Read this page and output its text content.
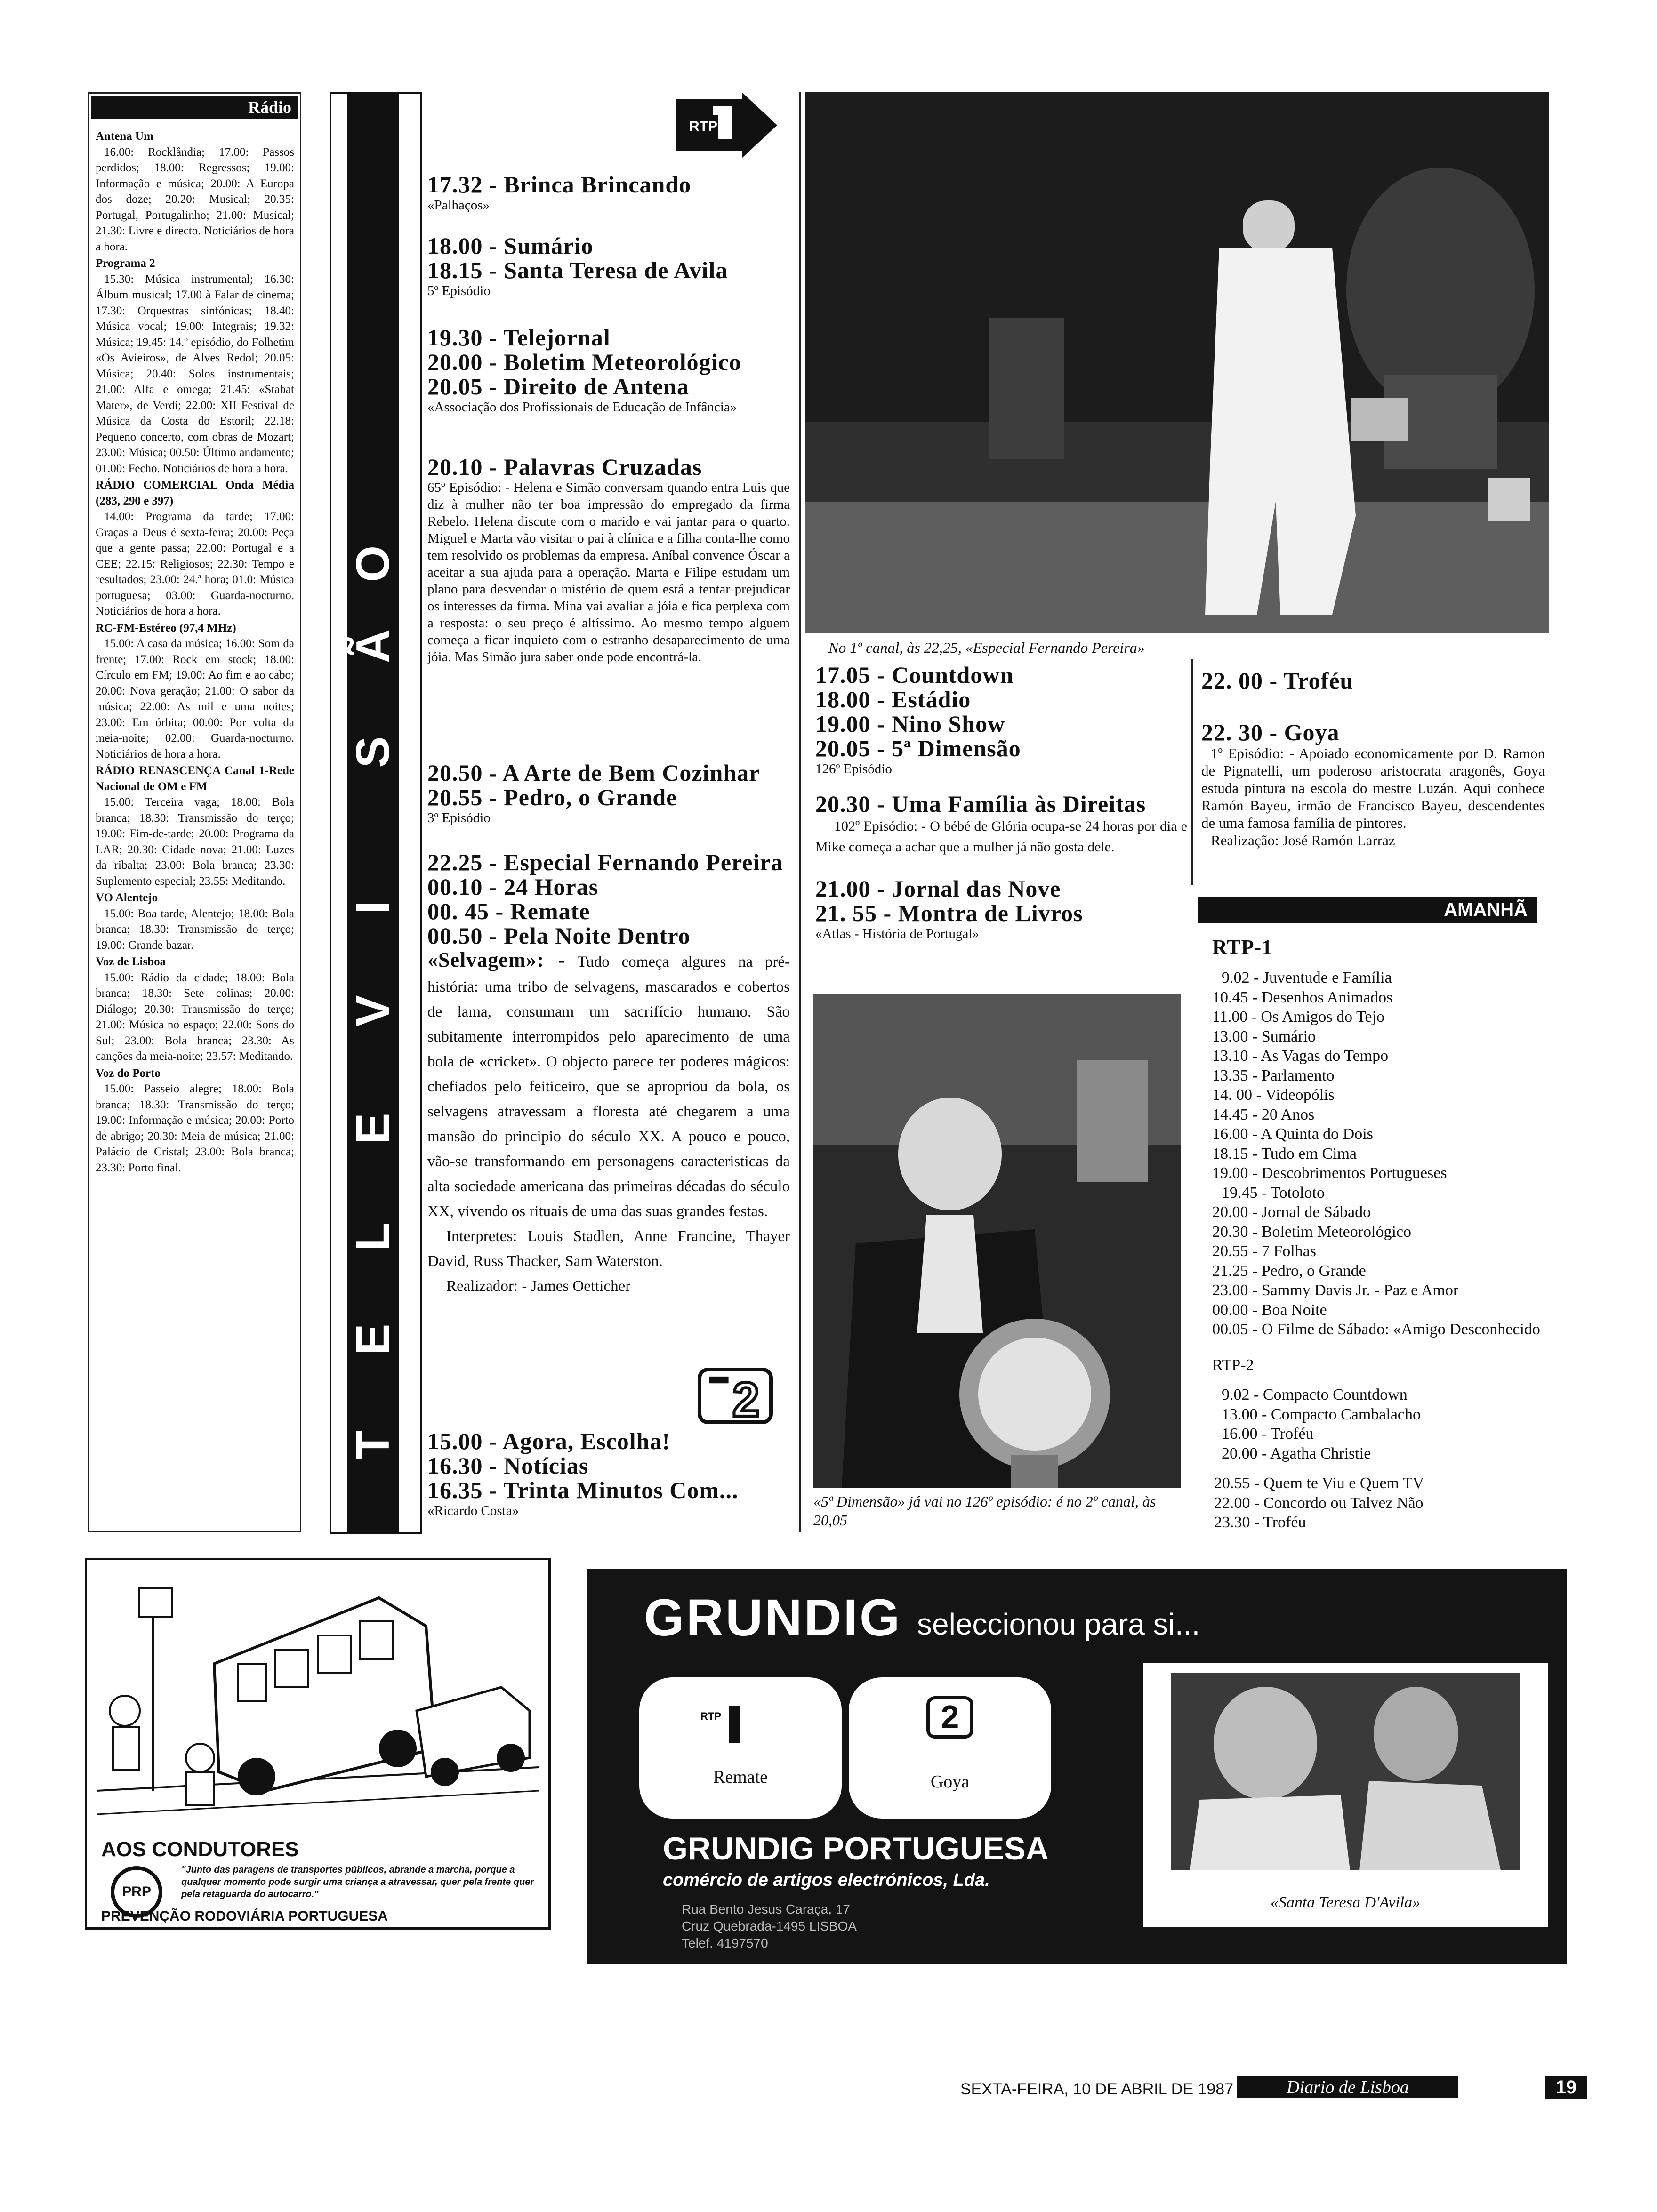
Rádio
Antena Um
16.00: Rocklândia; 17.00: Passos perdidos; 18.00: Regressos; 19.00: Informação e música; 20.00: A Europa dos doze; 20.20: Musical; 20.35: Portugal, Portugalinho; 21.00: Musical; 21.30: Livre e directo. Noticiários de hora a hora.
Programa 2
15.30: Música instrumental; 16.30: Álbum musical; 17.00 à Falar de cinema; 17.30: Orquestras sinfónicas; 18.40: Música vocal; 19.00: Integrais; 19.32: Música; 19.45: 14.º episódio, do Folhetim «Os Avieiros», de Alves Redol; 20.05: Música; 20.40: Solos instrumentais; 21.00: Alfa e omega; 21.45: «Stabat Mater», de Verdi; 22.00: XII Festival de Música da Costa do Estoril; 22.18: Pequeno concerto, com obras de Mozart; 23.00: Música; 00.50: Último andamento; 01.00: Fecho. Noticiários de hora a hora.
RÁDIO COMERCIAL Onda Média (283, 290 e 397)
14.00: Programa da tarde; 17.00: Graças a Deus é sexta-feira; 20.00: Peça que a gente passa; 22.00: Portugal e a CEE; 22.15: Religiosos; 22.30: Tempo e resultados; 23.00: 24.ª hora; 01.0: Música portuguesa; 03.00: Guarda-nocturno. Noticiários de hora a hora.
RC-FM-Estéreo (97,4 MHz)
15.00: A casa da música; 16.00: Som da frente; 17.00: Rock em stock; 18.00: Círculo em FM; 19.00: Ao fim e ao cabo; 20.00: Nova geração; 21.00: O sabor da música; 22.00: As mil e uma noites; 23.00: Em órbita; 00.00: Por volta da meia-noite; 02.00: Guarda-nocturno. Noticiários de hora a hora.
RÁDIO RENASCENÇA Canal 1-Rede Nacional de OM e FM
15.00: Terceira vaga; 18.00: Bola branca; 18.30: Transmissão do terço; 19.00: Fim-de-tarde; 20.00: Programa da LAR; 20.30: Cidade nova; 21.00: Luzes da ribalta; 23.00: Bola branca; 23.30: Suplemento especial; 23.55: Meditando.
VO Alentejo
15.00: Boa tarde, Alentejo; 18.00: Bola branca; 18.30: Transmissão do terço; 19.00: Grande bazar.
Voz de Lisboa
15.00: Rádio da cidade; 18.00: Bola branca; 18.30: Sete colinas; 20.00: Diálogo; 20.30: Transmissão do terço; 21.00: Música no espaço; 22.00: Sons do Sul; 23.00: Bola branca; 23.30: As canções da meia-noite; 23.57: Meditando.
Voz do Porto
15.00: Passeio alegre; 18.00: Bola branca; 18.30: Transmissão do terço; 19.00: Informação e música; 20.00: Porto de abrigo; 20.30: Meia de música; 21.00: Palácio de Cristal; 23.00: Bola branca; 23.30: Porto final.
T
E
L
E
V
I
S
Ã
O
RTP
17.32 - Brinca Brincando
«Palhaços»
18.00 - Sumário
18.15 - Santa Teresa de Avila
5º Episódio
19.30 - Telejornal
20.00 - Boletim Meteorológico
20.05 - Direito de Antena
«Associação dos Profissionais de Educação de Infância»
20.10 - Palavras Cruzadas
65º Episódio: - Helena e Simão conversam quando entra Luis que diz à mulher não ter boa impressão do empregado da firma Rebelo. Helena discute com o marido e vai jantar para o quarto. Miguel e Marta vão visitar o pai à clínica e a filha conta-lhe como tem resolvido os problemas da empresa. Aníbal convence Óscar a aceitar a sua ajuda para a operação. Marta e Filipe estudam um plano para desvendar o mistério de quem está a tentar prejudicar os interesses da firma. Mina vai avaliar a jóia e fica perplexa com a resposta: o seu preço é altíssimo. Ao mesmo tempo alguem começa a ficar inquieto com o estranho desaparecimento de uma jóia. Mas Simão jura saber onde pode encontrá-la.
20.50 - A Arte de Bem Cozinhar
20.55 - Pedro, o Grande
3º Episódio
22.25 - Especial Fernando Pereira
00.10 - 24 Horas
00. 45 - Remate
00.50 - Pela Noite Dentro
«Selvagem»: - Tudo começa algures na pré-história: uma tribo de selvagens, mascarados e cobertos de lama, consumam um sacrifício humano. São subitamente interrompidos pelo aparecimento de uma bola de «cricket». O objecto parece ter poderes mágicos: chefiados pelo feiticeiro, que se apropriou da bola, os selvagens atravessam a floresta até chegarem a uma mansão do principio do século XX. A pouco e pouco, vão-se transformando em personagens caracteristicas da alta sociedade americana das primeiras décadas do século XX, vivendo os rituais de uma das suas grandes festas.
Interpretes: Louis Stadlen, Anne Francine, Thayer David, Russ Thacker, Sam Waterston.
Realizador: - James Oetticher
2
15.00 - Agora, Escolha!
16.30 - Notícias
16.35 - Trinta Minutos Com...
«Ricardo Costa»
No 1º canal, às 22,25, «Especial Fernando Pereira»
17.05 - Countdown
18.00 - Estádio
19.00 - Nino Show
20.05 - 5ª Dimensão
126º Episódio
20.30 - Uma Família às Direitas
102º Episódio: - O bébé de Glória ocupa-se 24 horas por dia e Mike começa a achar que a mulher já não gosta dele.
21.00 - Jornal das Nove
21. 55 - Montra de Livros
«Atlas - História de Portugal»
«5ª Dimensão» já vai no 126º episódio: é no 2º canal, às 20,05
22. 00 - Troféu
22. 30 - Goya
1º Episódio: - Apoiado economicamente por D. Ramon de Pignatelli, um poderoso aristocrata aragonês, Goya estuda pintura na escola do mestre Luzán. Aqui conhece Ramón Bayeu, irmão de Francisco Bayeu, descendentes de uma famosa família de pintores.
Realização: José Ramón Larraz
AMANHÃ
RTP-1
9.02 - Juventude e Família
10.45 - Desenhos Animados
11.00 - Os Amigos do Tejo
13.00 - Sumário
13.10 - As Vagas do Tempo
13.35 - Parlamento
14. 00 - Videopólis
14.45 - 20 Anos
16.00 - A Quinta do Dois
18.15 - Tudo em Cima
19.00 - Descobrimentos Portugueses
19.45 - Totoloto
20.00 - Jornal de Sábado
20.30 - Boletim Meteorológico
20.55 - 7 Folhas
21.25 - Pedro, o Grande
23.00 - Sammy Davis Jr. - Paz e Amor
00.00 - Boa Noite
00.05 - O Filme de Sábado: «Amigo Desconhecido
RTP-2
9.02 - Compacto Countdown
13.00 - Compacto Cambalacho
16.00 - Troféu
20.00 - Agatha Christie
20.55 - Quem te Viu e Quem TV
22.00 - Concordo ou Talvez Não
23.30 - Troféu
AOS CONDUTORES
PRP
"Junto das paragens de transportes públicos, abrande a marcha, porque a qualquer momento pode surgir uma criança a atravessar, quer pela frente quer pela retaguarda do autocarro."
PREVENÇÃO RODOVIÁRIA PORTUGUESA
GRUNDIG seleccionou para si...
RTP
Remate
2
Goya
GRUNDIG PORTUGUESA
comércio de artigos electrónicos, Lda.
Rua Bento Jesus Caraça, 17
Cruz Quebrada-1495 LISBOA
Telef. 4197570
«Santa Teresa D'Avila»
SEXTA-FEIRA, 10 DE ABRIL DE 1987	Diario de Lisboa	19
